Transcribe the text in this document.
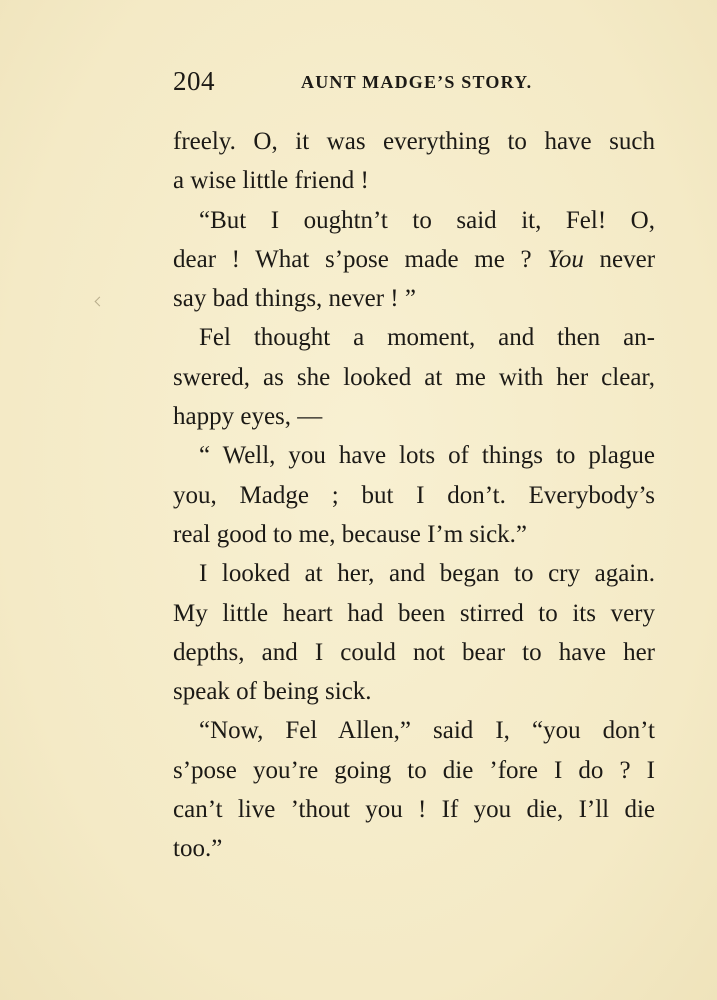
204	AUNT MADGE’S STORY.
freely. O, it was everything to have such
a wise little friend !
“But I oughtn’t to said it, Fel! O,
dear ! What s’pose made me ? You never
say bad things, never ! ”
Fel thought a moment, and then an-
swered, as she looked at me with her clear,
happy eyes, —
“ Well, you have lots of things to plague
you, Madge ; but I don’t. Everybody’s
real good to me, because I’m sick.”
I looked at her, and began to cry again.
My little heart had been stirred to its very
depths, and I could not bear to have her
speak of being sick.
“Now, Fel Allen,” said I, “you don’t
s’pose you’re going to die ’fore I do ? I
can’t live ’thout you ! If you die, I’ll die
too.”
